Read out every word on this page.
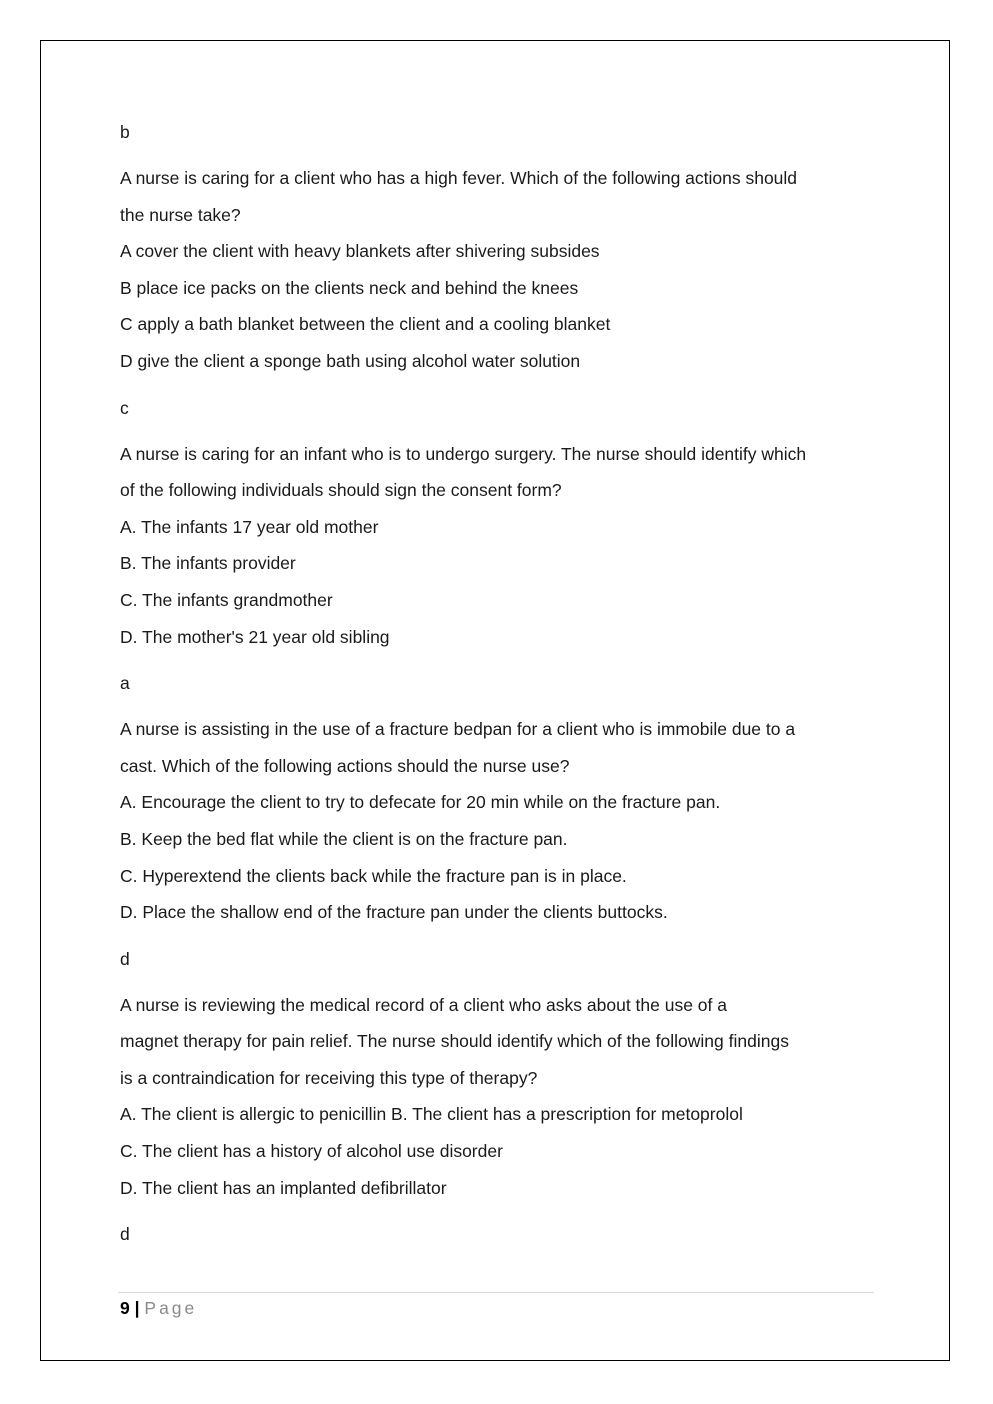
b

A nurse is caring for a client who has a high fever. Which of the following actions should

the nurse take?

A cover the client with heavy blankets after shivering subsides

B place ice packs on the clients neck and behind the knees

C apply a bath blanket between the client and a cooling blanket

D give the client a sponge bath using alcohol water solution

c

A nurse is caring for an infant who is to undergo surgery. The nurse should identify which

of the following individuals should sign the consent form?

A. The infants 17 year old mother

B. The infants provider

C. The infants grandmother

D. The mother's 21 year old sibling

a

A nurse is assisting in the use of a fracture bedpan for a client who is immobile due to a

cast. Which of the following actions should the nurse use?

A. Encourage the client to try to defecate for 20 min while on the fracture pan.

B. Keep the bed flat while the client is on the fracture pan.

C. Hyperextend the clients back while the fracture pan is in place.

D. Place the shallow end of the fracture pan under the clients buttocks.

d

A nurse is reviewing the medical record of a client who asks about the use of a

magnet therapy for pain relief. The nurse should identify which of the following findings

is a contraindication for receiving this type of therapy?

A. The client is allergic to penicillin B. The client has a prescription for metoprolol

C. The client has a history of alcohol use disorder

D. The client has an implanted defibrillator

d

9 | Page
